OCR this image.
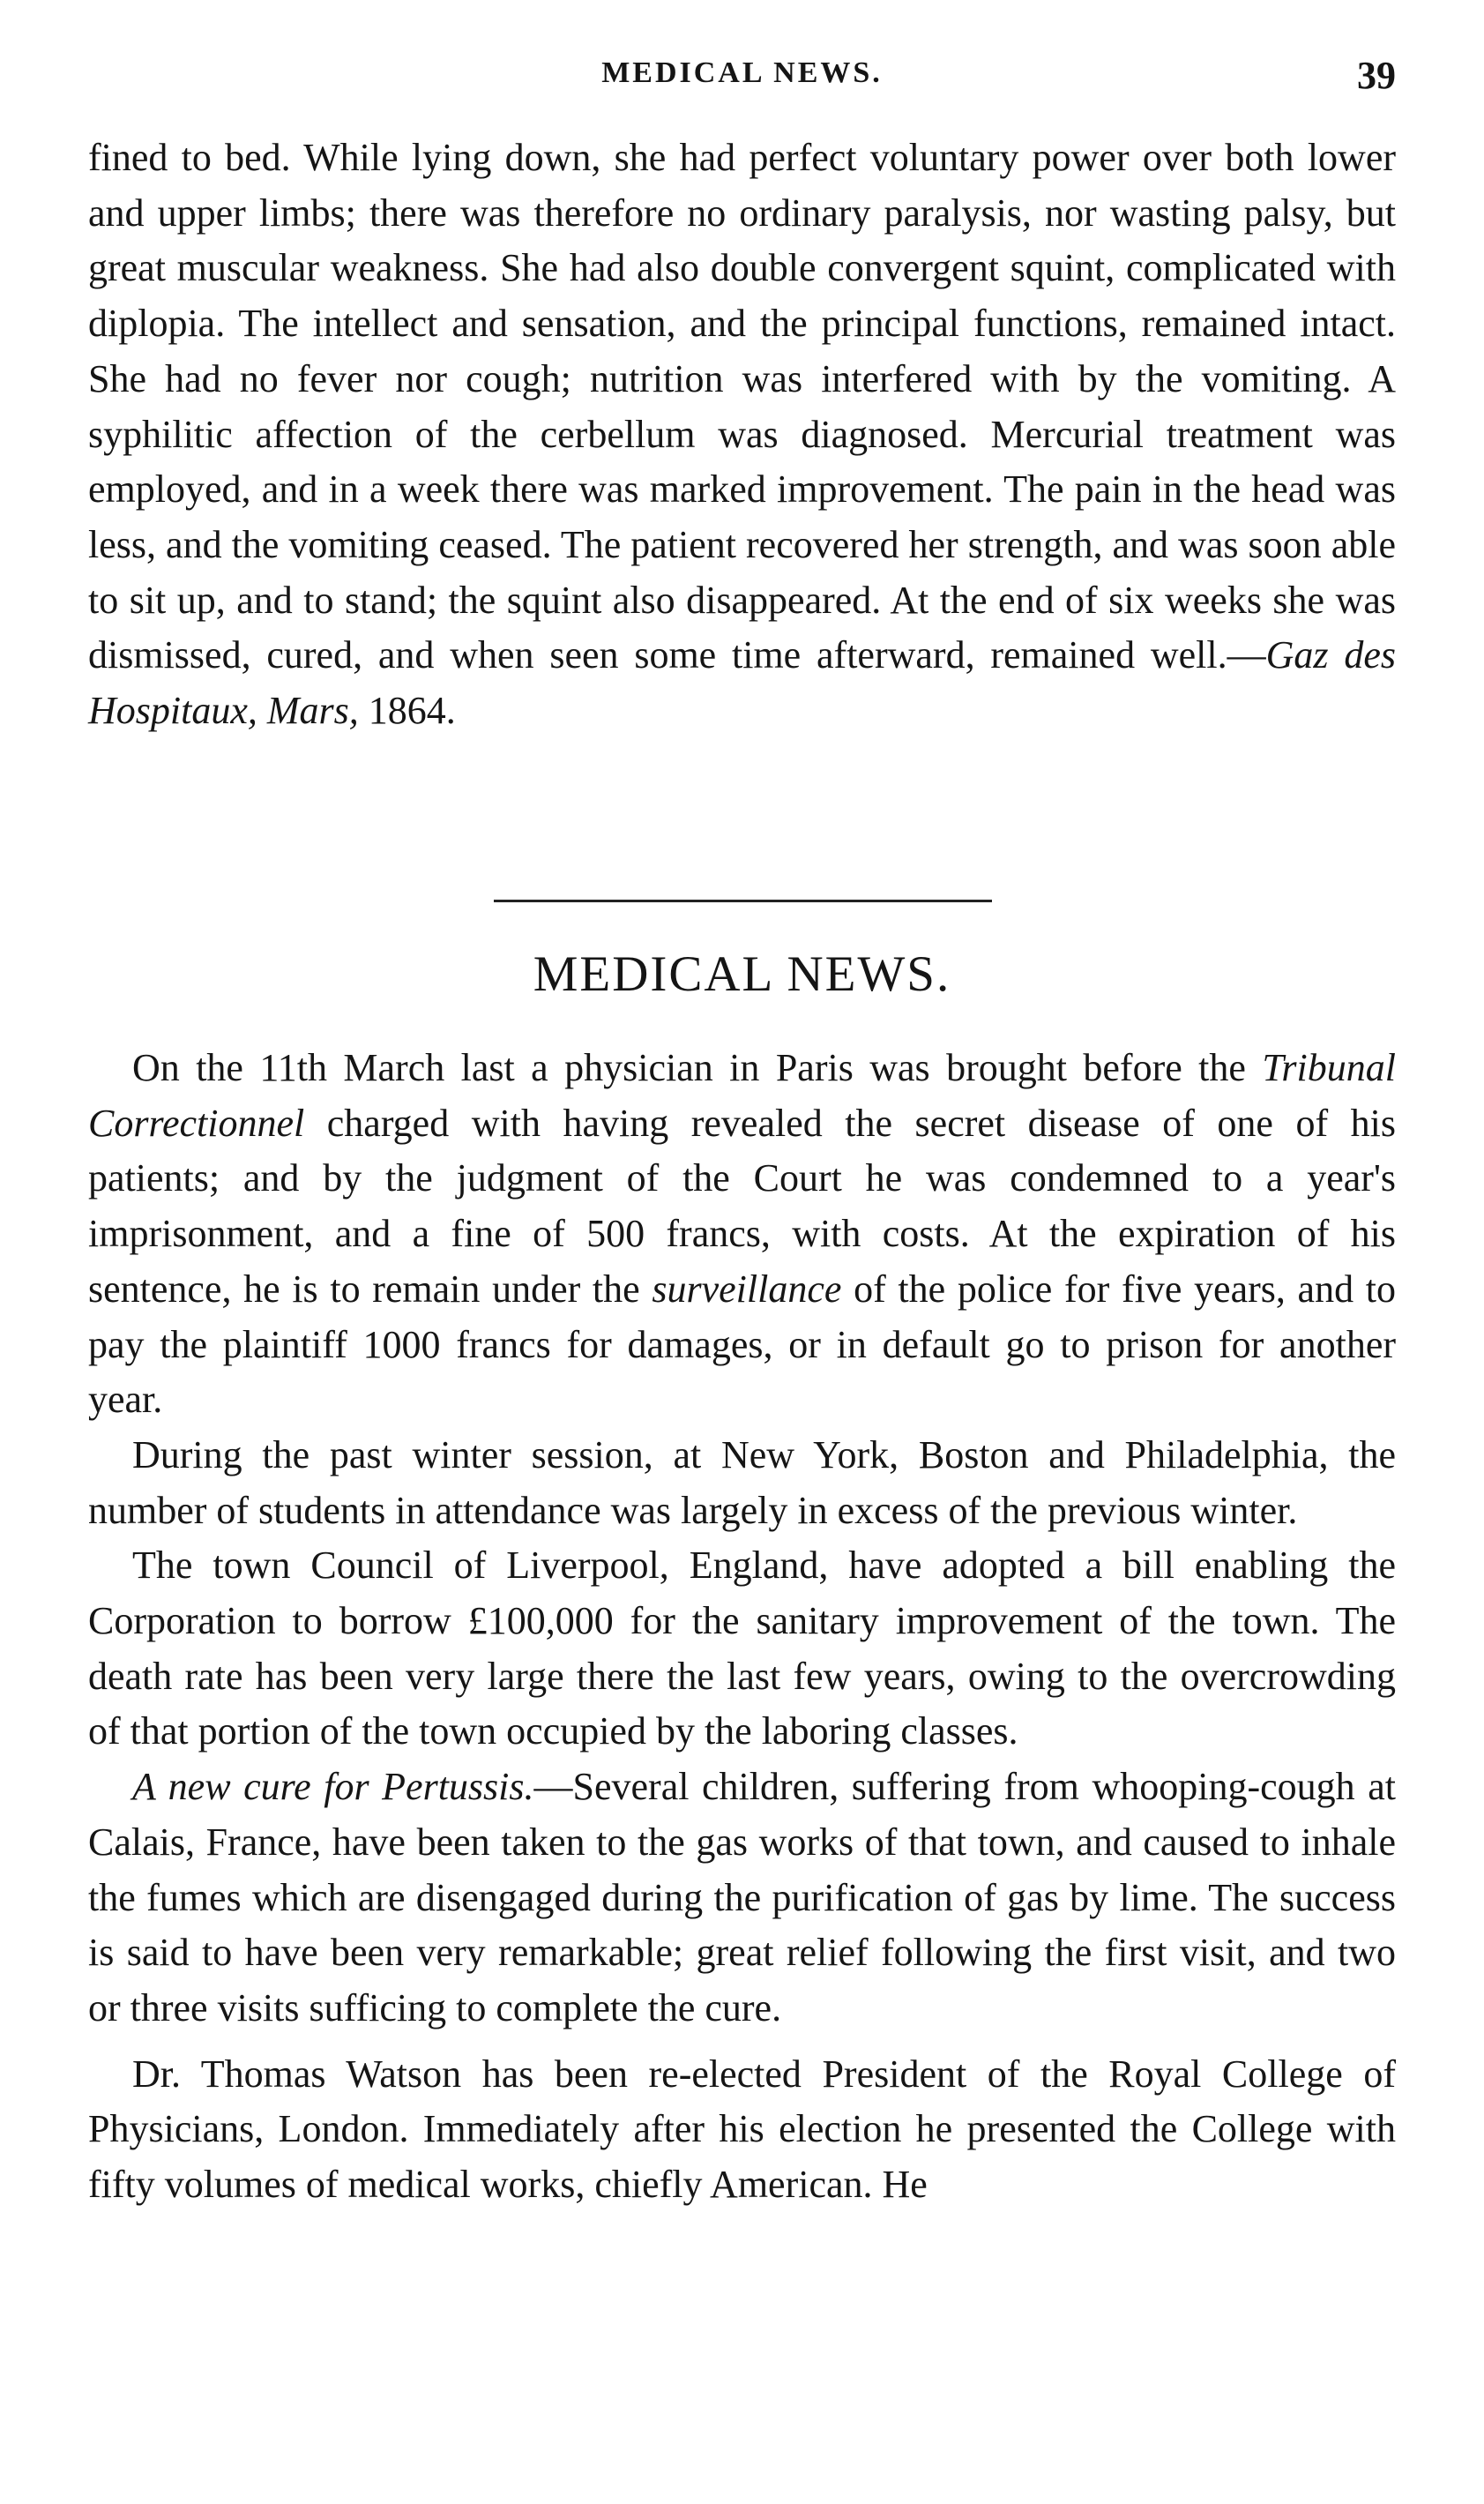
MEDICAL NEWS.	39

fined to bed. While lying down, she had perfect voluntary power over both lower and upper limbs; there was therefore no ordinary paralysis, nor wasting palsy, but great muscular weakness. She had also double convergent squint, complicated with diplopia. The intellect and sensation, and the principal functions, remained intact. She had no fever nor cough; nutrition was interfered with by the vomiting. A syphilitic affection of the cerbellum was diagnosed. Mercurial treatment was employed, and in a week there was marked improvement. The pain in the head was less, and the vomiting ceased. The patient recovered her strength, and was soon able to sit up, and to stand; the squint also disappeared. At the end of six weeks she was dismissed, cured, and when seen some time afterward, remained well.—Gaz des Hospitaux, Mars, 1864.

MEDICAL NEWS.

On the 11th March last a physician in Paris was brought before the Tribunal Correctionnel charged with having revealed the secret disease of one of his patients; and by the judgment of the Court he was condemned to a year's imprisonment, and a fine of 500 francs, with costs. At the expiration of his sentence, he is to remain under the surveillance of the police for five years, and to pay the plaintiff 1000 francs for damages, or in default go to prison for another year.

During the past winter session, at New York, Boston and Philadelphia, the number of students in attendance was largely in excess of the previous winter.

The town Council of Liverpool, England, have adopted a bill enabling the Corporation to borrow £100,000 for the sanitary improvement of the town. The death rate has been very large there the last few years, owing to the overcrowding of that portion of the town occupied by the laboring classes.

A new cure for Pertussis.—Several children, suffering from whooping-cough at Calais, France, have been taken to the gas works of that town, and caused to inhale the fumes which are disengaged during the purification of gas by lime. The success is said to have been very remarkable; great relief following the first visit, and two or three visits sufficing to complete the cure.

Dr. Thomas Watson has been re-elected President of the Royal College of Physicians, London. Immediately after his election he presented the College with fifty volumes of medical works, chiefly American. He
